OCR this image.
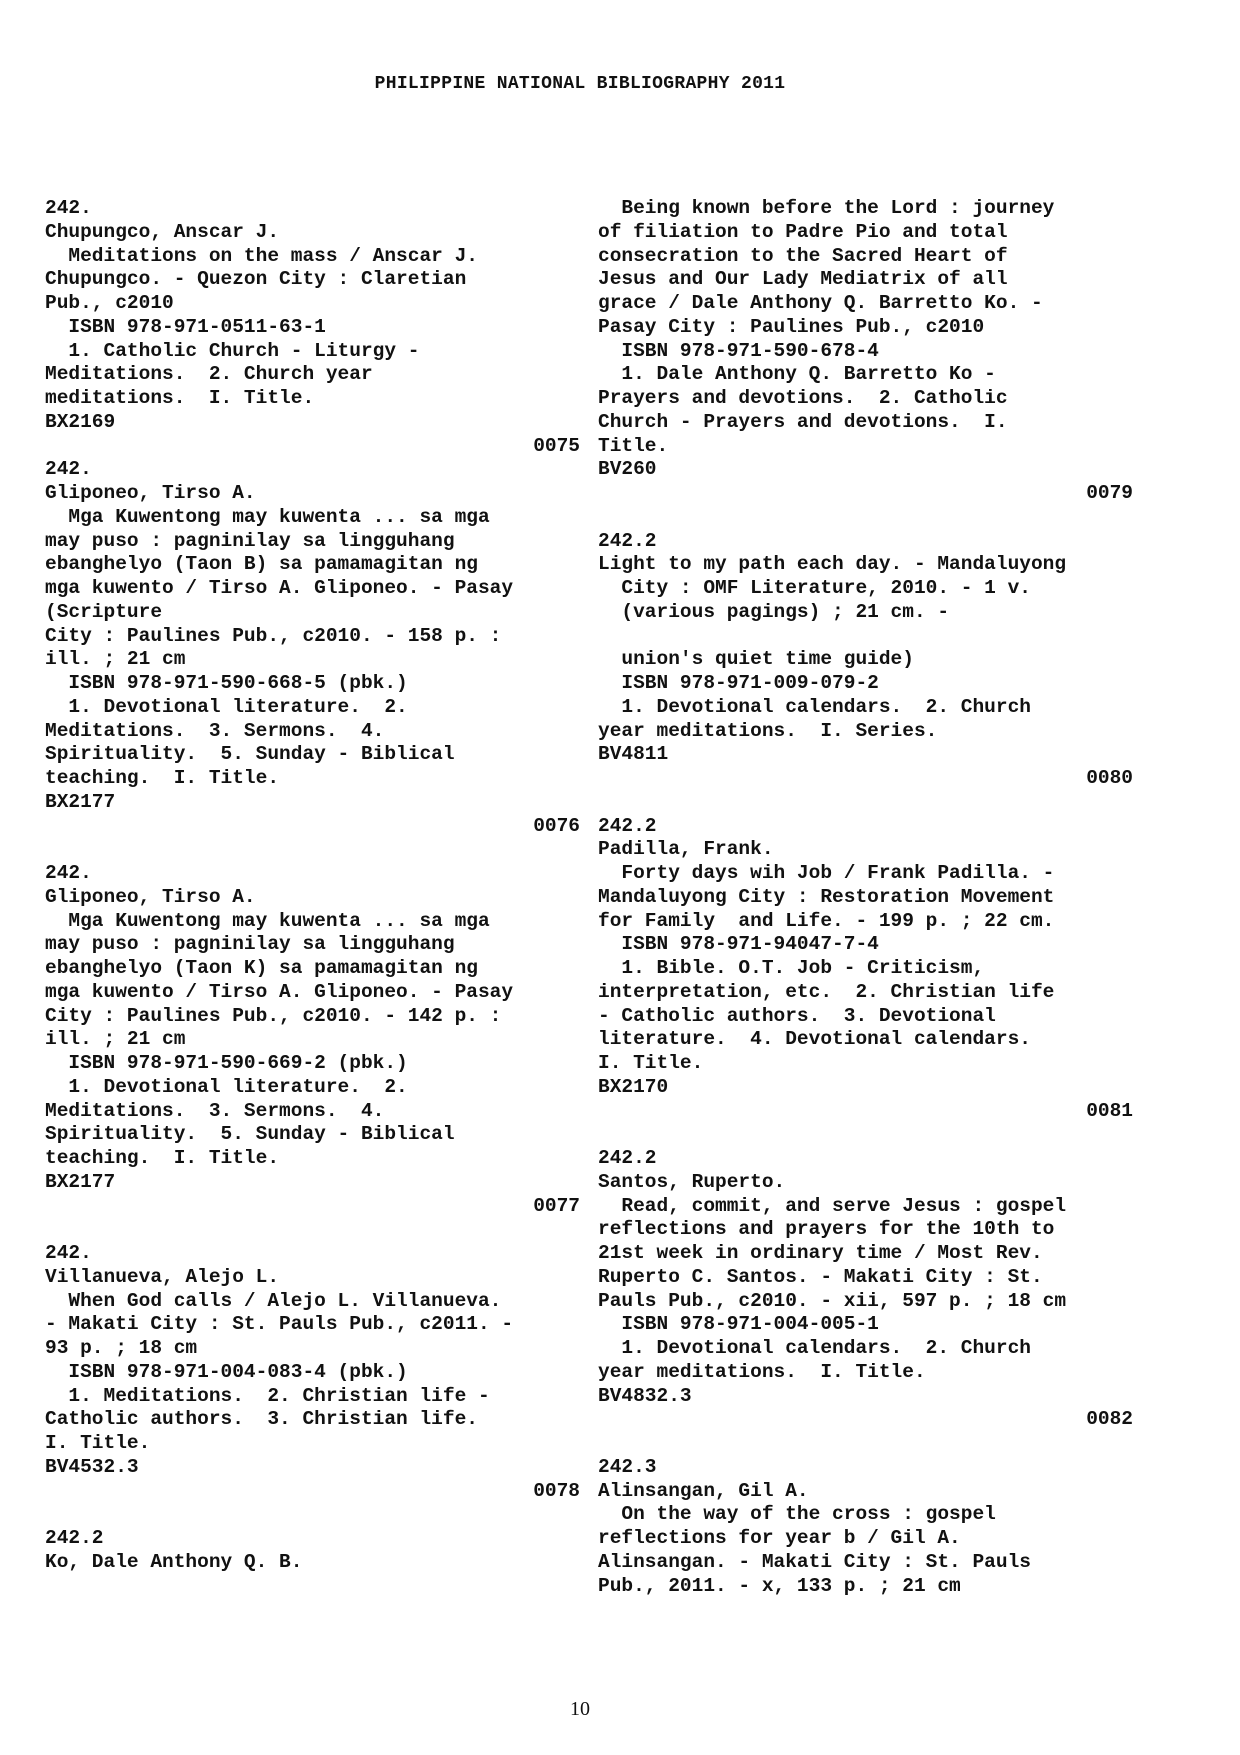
PHILIPPINE NATIONAL BIBLIOGRAPHY 2011
242.
Chupungco, Anscar J.
Meditations on the mass / Anscar J.
Chupungco. - Quezon City : Claretian
Pub., c2010
ISBN 978-971-0511-63-1
1. Catholic Church - Liturgy -
Meditations.  2. Church year
meditations.  I. Title.
BX2169
0075
242.
Gliponeo, Tirso A.
Mga Kuwentong may kuwenta ... sa mga
may puso : pagninilay sa lingguhang
ebanghelyo (Taon B) sa pamamagitan ng
mga kuwento / Tirso A. Gliponeo. - Pasay
(Scripture
City : Paulines Pub., c2010. - 158 p. :
ill. ; 21 cm
ISBN 978-971-590-668-5 (pbk.)
1. Devotional literature.  2.
Meditations.  3. Sermons.  4.
Spirituality.  5. Sunday - Biblical
teaching.  I. Title.
BX2177
0076
242.
Gliponeo, Tirso A.
Mga Kuwentong may kuwenta ... sa mga
may puso : pagninilay sa lingguhang
ebanghelyo (Taon K) sa pamamagitan ng
mga kuwento / Tirso A. Gliponeo. - Pasay
City : Paulines Pub., c2010. - 142 p. :
ill. ; 21 cm
ISBN 978-971-590-669-2 (pbk.)
1. Devotional literature.  2.
Meditations.  3. Sermons.  4.
Spirituality.  5. Sunday - Biblical
teaching.  I. Title.
BX2177
0077
242.
Villanueva, Alejo L.
When God calls / Alejo L. Villanueva.
- Makati City : St. Pauls Pub., c2011. -
93 p. ; 18 cm
ISBN 978-971-004-083-4 (pbk.)
1. Meditations.  2. Christian life -
Catholic authors.  3. Christian life.
I. Title.
BV4532.3
0078
242.2
Ko, Dale Anthony Q. B.
Being known before the Lord : journey
of filiation to Padre Pio and total
consecration to the Sacred Heart of
Jesus and Our Lady Mediatrix of all
grace / Dale Anthony Q. Barretto Ko. -
Pasay City : Paulines Pub., c2010
ISBN 978-971-590-678-4
1. Dale Anthony Q. Barretto Ko -
Prayers and devotions.  2. Catholic
Church - Prayers and devotions.  I.
Title.
BV260
0079
242.2
Light to my path each day. - Mandaluyong
City : OMF Literature, 2010. - 1 v.
(various pagings) ; 21 cm. -
union's quiet time guide)
ISBN 978-971-009-079-2
1. Devotional calendars.  2. Church
year meditations.  I. Series.
BV4811
0080
242.2
Padilla, Frank.
Forty days wih Job / Frank Padilla. -
Mandaluyong City : Restoration Movement
for Family  and Life. - 199 p. ; 22 cm.
ISBN 978-971-94047-7-4
1. Bible. O.T. Job - Criticism,
interpretation, etc.  2. Christian life
- Catholic authors.  3. Devotional
literature.  4. Devotional calendars.
I. Title.
BX2170
0081
242.2
Santos, Ruperto.
Read, commit, and serve Jesus : gospel
reflections and prayers for the 10th to
21st week in ordinary time / Most Rev.
Ruperto C. Santos. - Makati City : St.
Pauls Pub., c2010. - xii, 597 p. ; 18 cm
ISBN 978-971-004-005-1
1. Devotional calendars.  2. Church
year meditations.  I. Title.
BV4832.3
0082
242.3
Alinsangan, Gil A.
On the way of the cross : gospel
reflections for year b / Gil A.
Alinsangan. - Makati City : St. Pauls
Pub., 2011. - x, 133 p. ; 21 cm
10
